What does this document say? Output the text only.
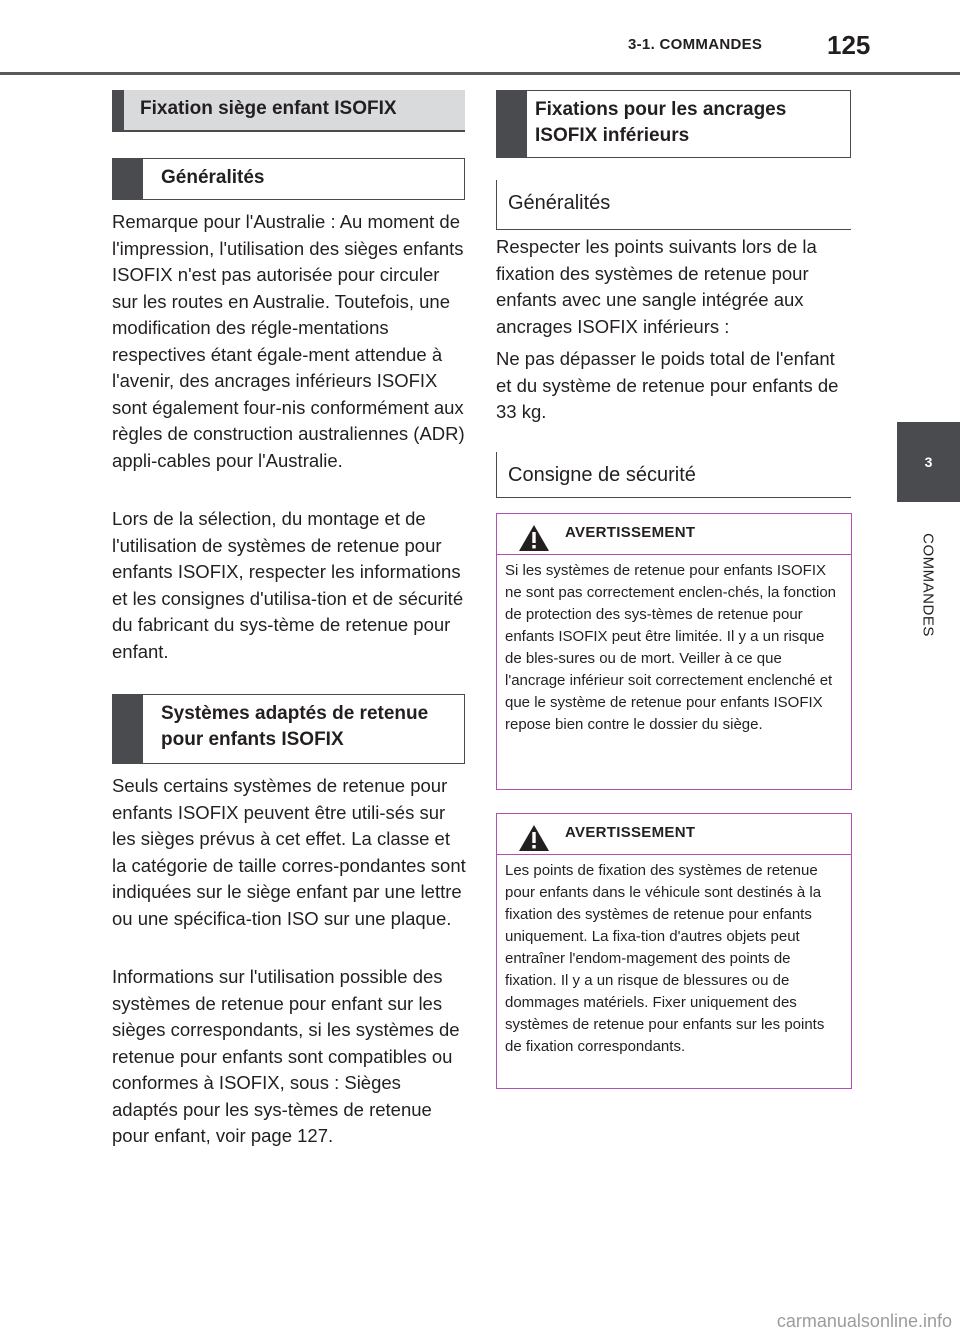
3-1. COMMANDES 125
3
COMMANDES
Fixation siège enfant ISOFIX
Généralités
Remarque pour l'Australie : Au moment de l'impression, l'utilisation des sièges enfants ISOFIX n'est pas autorisée pour circuler sur les routes en Australie. Toutefois, une modification des régle-mentations respectives étant égale-ment attendue à l'avenir, des ancrages inférieurs ISOFIX sont également four-nis conformément aux règles de construction australiennes (ADR) appli-cables pour l'Australie.
Lors de la sélection, du montage et de l'utilisation de systèmes de retenue pour enfants ISOFIX, respecter les informations et les consignes d'utilisa-tion et de sécurité du fabricant du sys-tème de retenue pour enfant.
Systèmes adaptés de retenue pour enfants ISOFIX
Seuls certains systèmes de retenue pour enfants ISOFIX peuvent être utili-sés sur les sièges prévus à cet effet. La classe et la catégorie de taille corres-pondantes sont indiquées sur le siège enfant par une lettre ou une spécifica-tion ISO sur une plaque.
Informations sur l'utilisation possible des systèmes de retenue pour enfant sur les sièges correspondants, si les systèmes de retenue pour enfants sont compatibles ou conformes à ISOFIX, sous : Sièges adaptés pour les sys-tèmes de retenue pour enfant, voir page 127.
Fixations pour les ancrages ISOFIX inférieurs
Généralités
Respecter les points suivants lors de la fixation des systèmes de retenue pour enfants avec une sangle intégrée aux ancrages ISOFIX inférieurs :
Ne pas dépasser le poids total de l'enfant et du système de retenue pour enfants de 33 kg.
Consigne de sécurité
AVERTISSEMENT
Si les systèmes de retenue pour enfants ISOFIX ne sont pas correctement enclen-chés, la fonction de protection des sys-tèmes de retenue pour enfants ISOFIX peut être limitée. Il y a un risque de bles-sures ou de mort. Veiller à ce que l'ancrage inférieur soit correctement enclenché et que le système de retenue pour enfants ISOFIX repose bien contre le dossier du siège.
AVERTISSEMENT
Les points de fixation des systèmes de retenue pour enfants dans le véhicule sont destinés à la fixation des systèmes de retenue pour enfants uniquement. La fixa-tion d'autres objets peut entraîner l'endom-magement des points de fixation. Il y a un risque de blessures ou de dommages matériels. Fixer uniquement des systèmes de retenue pour enfants sur les points de fixation correspondants.
carmanualsonline.info
